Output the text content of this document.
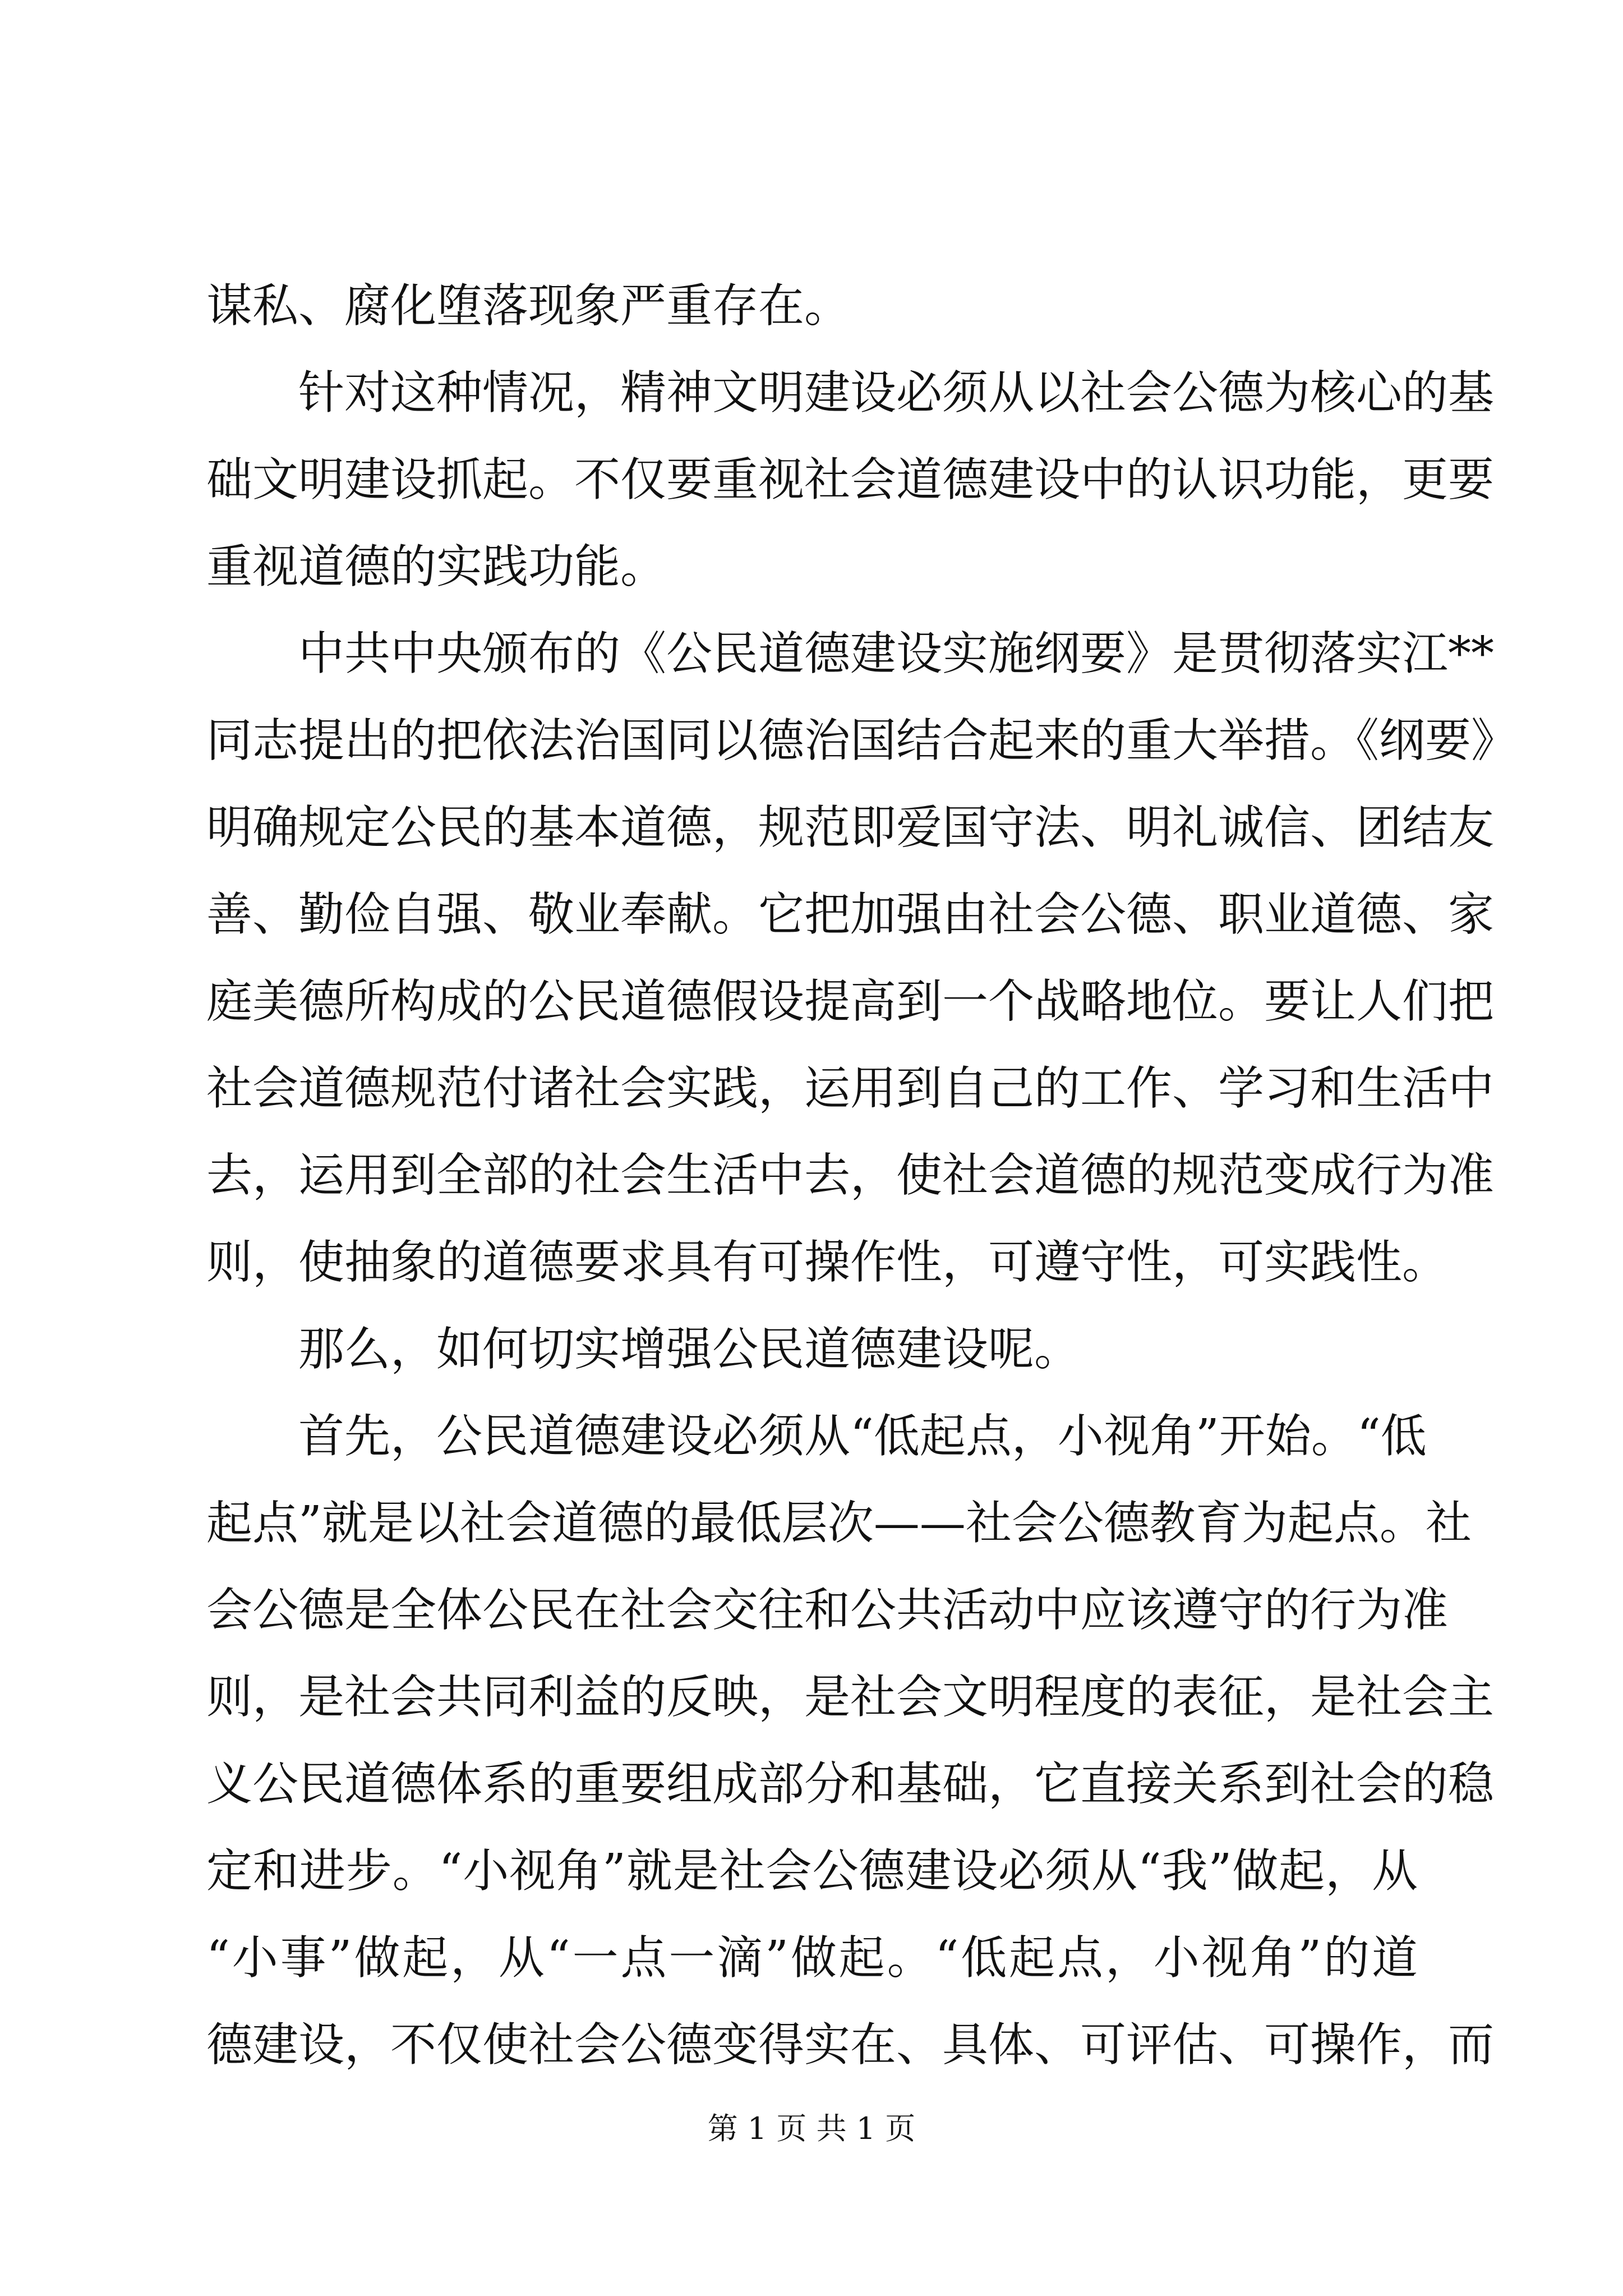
谋私、腐化堕落现象严重存在。
针对这种情况，精神文明建设必须从以社会公德为核心的基
础文明建设抓起。不仅要重视社会道德建设中的认识功能，更要
重视道德的实践功能。
中共中央颁布的《公民道德建设实施纲要》是贯彻落实江**
同志提出的把依法治国同以德治国结合起来的重大举措。《纲要》
明确规定公民的基本道德，规范即爱国守法、明礼诚信、团结友
善、勤俭自强、敬业奉献。它把加强由社会公德、职业道德、家
庭美德所构成的公民道德假设提高到一个战略地位。要让人们把
社会道德规范付诸社会实践，运用到自己的工作、学习和生活中
去，运用到全部的社会生活中去，使社会道德的规范变成行为准
则，使抽象的道德要求具有可操作性，可遵守性，可实践性。
那么，如何切实增强公民道德建设呢。
首先，公民道德建设必须从“低起点，小视角”开始。“低
起点”就是以社会道德的最低层次——社会公德教育为起点。社
会公德是全体公民在社会交往和公共活动中应该遵守的行为准
则，是社会共同利益的反映，是社会文明程度的表征，是社会主
义公民道德体系的重要组成部分和基础，它直接关系到社会的稳
定和进步。“小视角”就是社会公德建设必须从“我”做起，从
“小事”做起，从“一点一滴”做起。“低起点，小视角”的道
德建设，不仅使社会公德变得实在、具体、可评估、可操作，而
第 1 页 共 1 页
